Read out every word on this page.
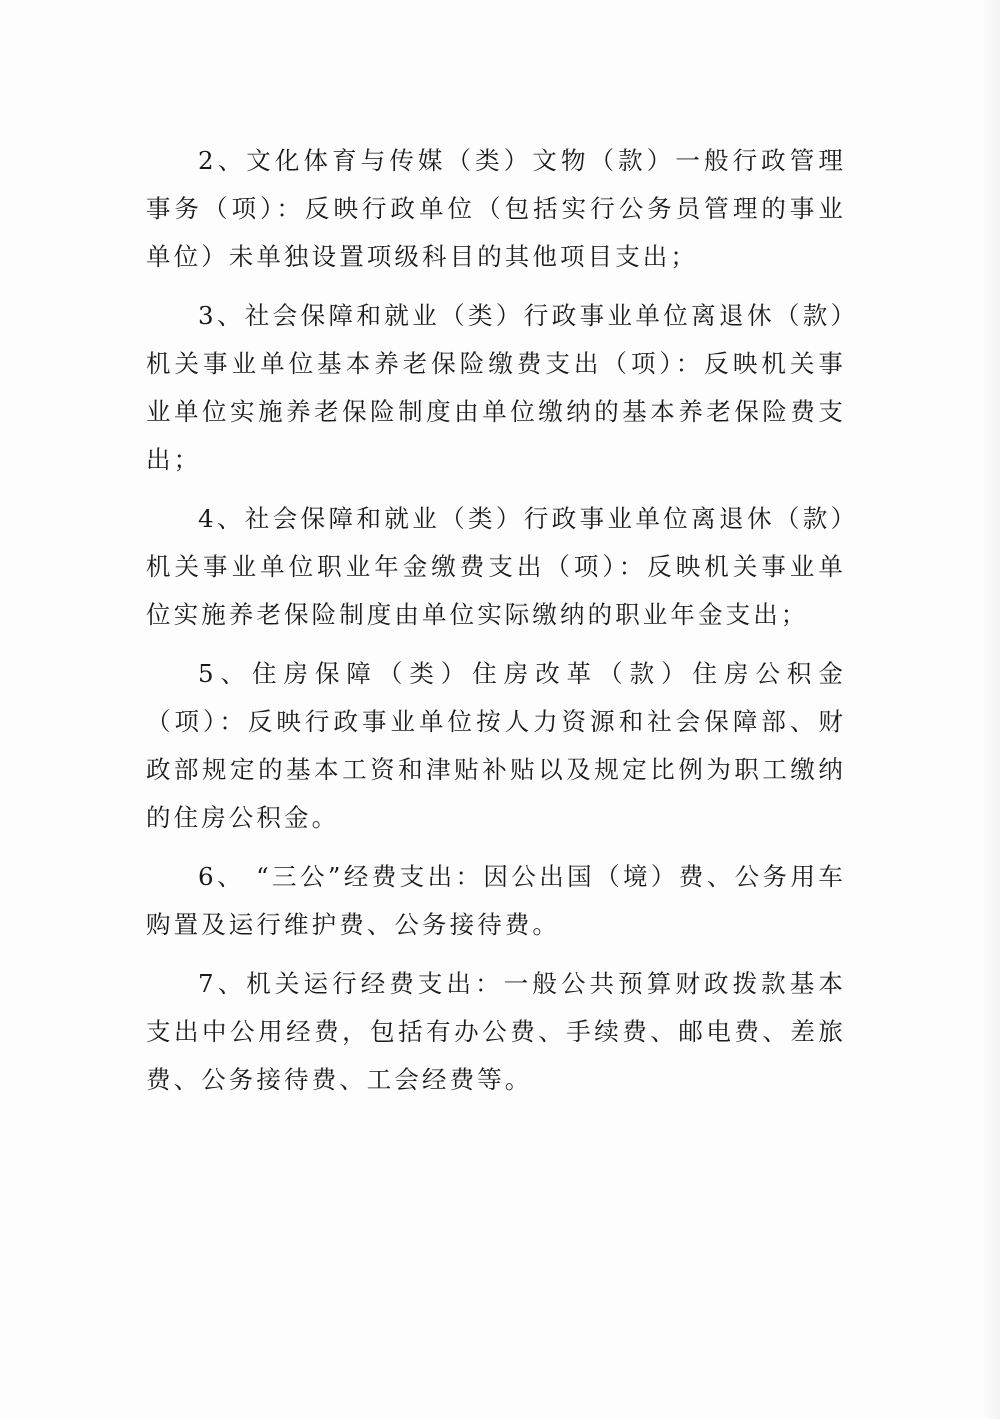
2、文化体育与传媒（类）文物（款）一般行政管理事务（项）：反映行政单位（包括实行公务员管理的事业单位）未单独设置项级科目的其他项目支出；

3、社会保障和就业（类）行政事业单位离退休（款）机关事业单位基本养老保险缴费支出（项）：反映机关事业单位实施养老保险制度由单位缴纳的基本养老保险费支出；

4、社会保障和就业（类）行政事业单位离退休（款）机关事业单位职业年金缴费支出（项）：反映机关事业单位实施养老保险制度由单位实际缴纳的职业年金支出；

5、住房保障（类）住房改革（款）住房公积金（项）：反映行政事业单位按人力资源和社会保障部、财政部规定的基本工资和津贴补贴以及规定比例为职工缴纳的住房公积金。

6、 “三公”经费支出：因公出国（境）费、公务用车购置及运行维护费、公务接待费。

7、机关运行经费支出：一般公共预算财政拨款基本支出中公用经费，包括有办公费、手续费、邮电费、差旅费、公务接待费、工会经费等。
